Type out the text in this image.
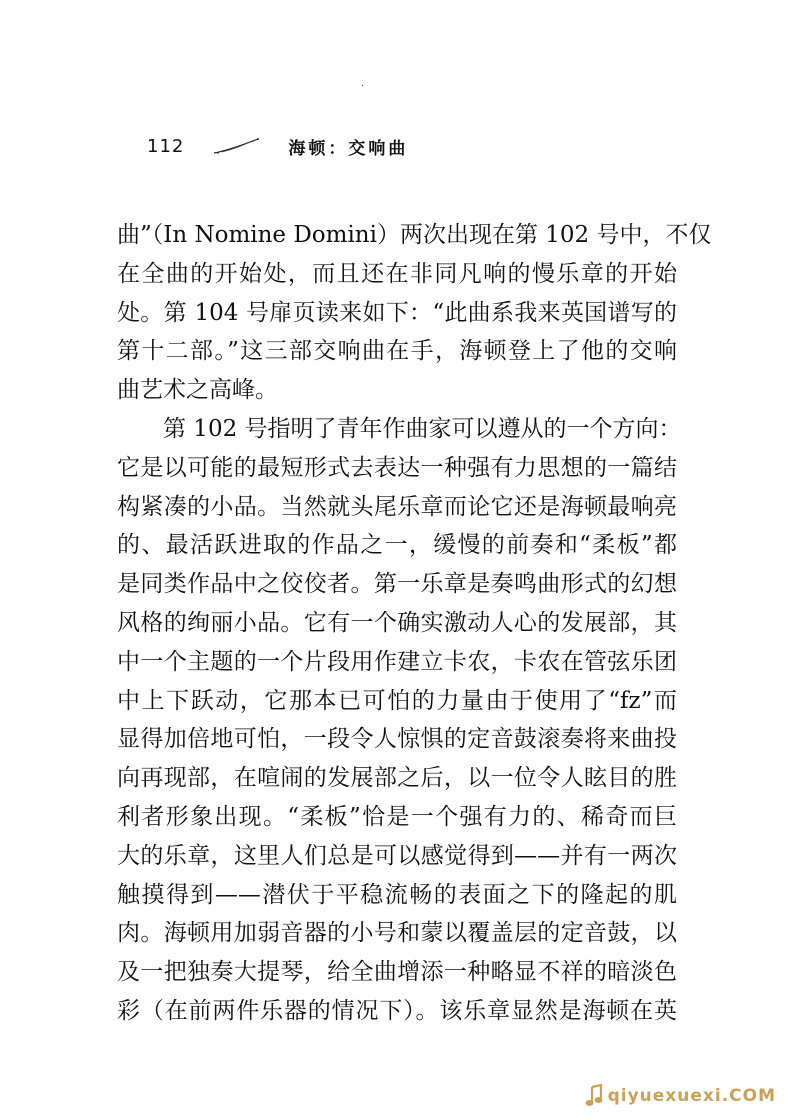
·
112	海顿：交响曲
曲”（In Nomine Domini）两次出现在第 102 号中，不仅
在全曲的开始处，而且还在非同凡响的慢乐章的开始
处。第 104 号扉页读来如下：“此曲系我来英国谱写的
第十二部。”这三部交响曲在手，海顿登上了他的交响
曲艺术之高峰。
第 102 号指明了青年作曲家可以遵从的一个方向：
它是以可能的最短形式去表达一种强有力思想的一篇结
构紧凑的小品。当然就头尾乐章而论它还是海顿最响亮
的、最活跃进取的作品之一，缓慢的前奏和“柔板”都
是同类作品中之佼佼者。第一乐章是奏鸣曲形式的幻想
风格的绚丽小品。它有一个确实激动人心的发展部，其
中一个主题的一个片段用作建立卡农，卡农在管弦乐团
中上下跃动，它那本已可怕的力量由于使用了“fz”而
显得加倍地可怕，一段令人惊惧的定音鼓滚奏将来曲投
向再现部，在喧闹的发展部之后，以一位令人眩目的胜
利者形象出现。“柔板”恰是一个强有力的、稀奇而巨
大的乐章，这里人们总是可以感觉得到——并有一两次
触摸得到——潜伏于平稳流畅的表面之下的隆起的肌
肉。海顿用加弱音器的小号和蒙以覆盖层的定音鼓，以
及一把独奏大提琴，给全曲增添一种略显不祥的暗淡色
彩（在前两件乐器的情况下）。该乐章显然是海顿在英
qiyuexuexi.COM
